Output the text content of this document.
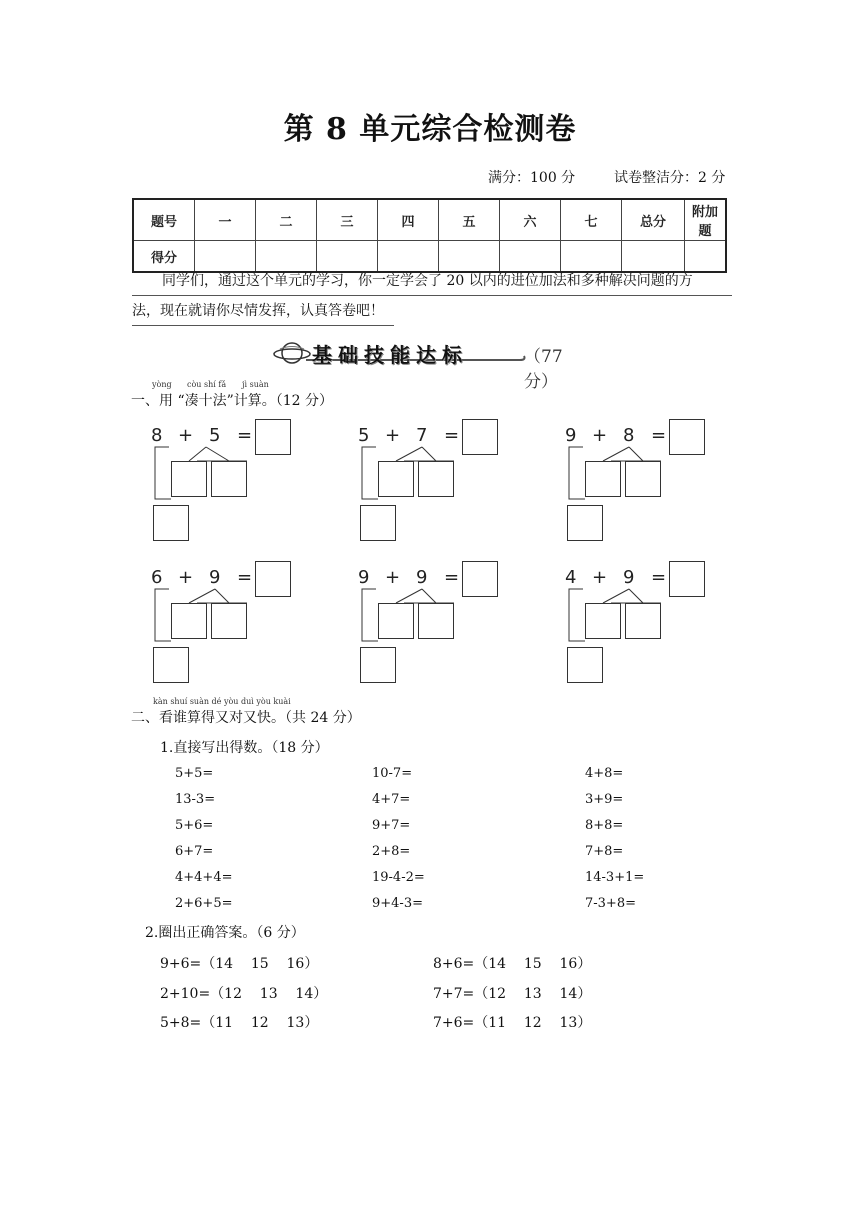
第 8 单元综合检测卷
满分：100 分	试卷整洁分：2 分
题号	一	二	三	四	五	六	七	总分	附加题
得分									
同学们，通过这个单元的学习，你一定学会了 20 以内的进位加法和多种解决问题的方
法，现在就请你尽情发挥，认真答卷吧！
基础技能达标	（77 分）
yòng còu shí fǎ jì suàn
一、用 “凑十法”计算。（12 分）
8 + 5 =	5 + 7 =	9 + 8 =
6 + 9 =	9 + 9 =	4 + 9 =
kàn shuí suàn dé yòu duì yòu kuài
二、看谁算得又对又快。（共 24 分）
1.直接写出得数。（18 分）
5+5=	10-7=	4+8=
13-3=	4+7=	3+9=
5+6=	9+7=	8+8=
6+7=	2+8=	7+8=
4+4+4=	19-4-2=	14-3+1=
2+6+5=	9+4-3=	7-3+8=
2.圈出正确答案。（6 分）
9+6=（14    15    16）	8+6=（14    15    16）
2+10=（12    13    14）	7+7=（12    13    14）
5+8=（11    12    13）	7+6=（11    12    13）
